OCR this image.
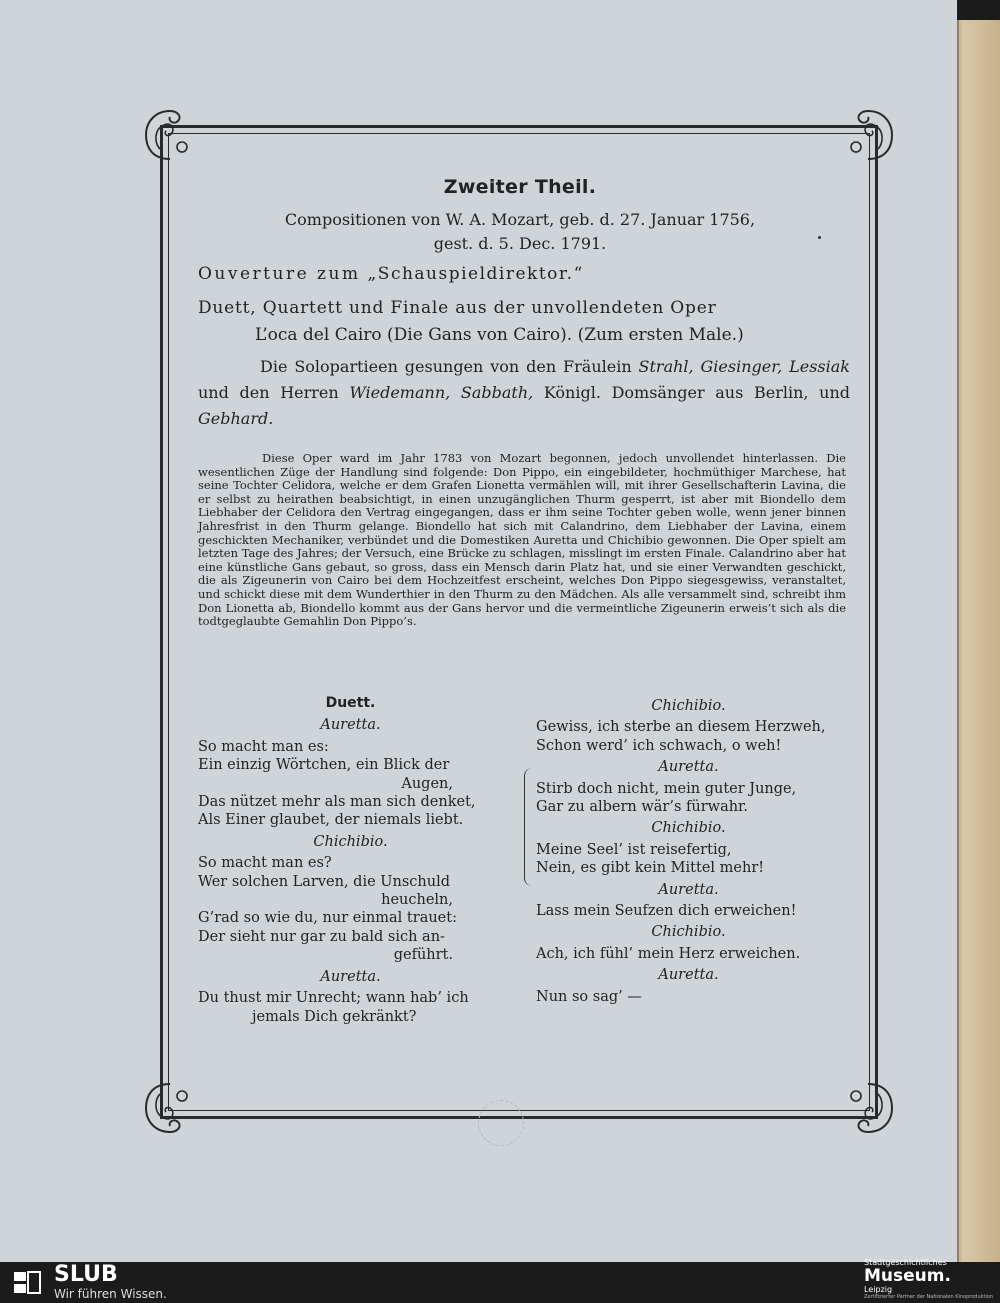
Zweiter Theil.
Compositionen von W. A. Mozart, geb. d. 27. Januar 1756,
gest. d. 5. Dec. 1791.
Ouverture zum „Schauspieldirektor.“
Duett, Quartett und Finale aus der unvollendeten Oper
L’oca del Cairo (Die Gans von Cairo). (Zum ersten Male.)
Die Solopartieen gesungen von den Fräulein Strahl, Giesinger, Lessiak und den Herren Wiedemann, Sabbath, Königl. Domsänger aus Berlin, und Gebhard.
Diese Oper ward im Jahr 1783 von Mozart begonnen, jedoch unvollendet hinterlassen. Die wesentlichen Züge der Handlung sind folgende: Don Pippo, ein eingebildeter, hochmüthiger Marchese, hat seine Tochter Celidora, welche er dem Grafen Lionetta vermählen will, mit ihrer Gesellschafterin Lavina, die er selbst zu heirathen beabsichtigt, in einen unzugänglichen Thurm gesperrt, ist aber mit Biondello dem Liebhaber der Celidora den Vertrag eingegangen, dass er ihm seine Tochter geben wolle, wenn jener binnen Jahresfrist in den Thurm gelange. Biondello hat sich mit Calandrino, dem Liebhaber der Lavina, einem geschickten Mechaniker, verbündet und die Domestiken Auretta und Chichibio gewonnen. Die Oper spielt am letzten Tage des Jahres; der Versuch, eine Brücke zu schlagen, misslingt im ersten Finale. Calandrino aber hat eine künstliche Gans gebaut, so gross, dass ein Mensch darin Platz hat, und sie einer Verwandten geschickt, die als Zigeunerin von Cairo bei dem Hochzeitfest erscheint, welches Don Pippo siegesgewiss, veranstaltet, und schickt diese mit dem Wunderthier in den Thurm zu den Mädchen. Als alle versammelt sind, schreibt ihm Don Lionetta ab, Biondello kommt aus der Gans hervor und die vermeintliche Zigeunerin erweis’t sich als die todtgeglaubte Gemahlin Don Pippo’s.
Duett.
Auretta.
So macht man es:
Ein einzig Wörtchen, ein Blick der
Augen,
Das nützet mehr als man sich denket,
Als Einer glaubet, der niemals liebt.
Chichibio.
So macht man es?
Wer solchen Larven, die Unschuld
heucheln,
G’rad so wie du, nur einmal trauet:
Der sieht nur gar zu bald sich an-
geführt.
Auretta.
Du thust mir Unrecht; wann hab’ ich
jemals Dich gekränkt?
Chichibio.
Gewiss, ich sterbe an diesem Herzweh,
Schon werd’ ich schwach, o weh!
Auretta.
Stirb doch nicht, mein guter Junge,
Gar zu albern wär’s fürwahr.
Chichibio.
Meine Seel’ ist reisefertig,
Nein, es gibt kein Mittel mehr!
Auretta.
Lass mein Seufzen dich erweichen!
Chichibio.
Ach, ich fühl’ mein Herz erweichen.
Auretta.
Nun so sag’ —
SLUB
Wir führen Wissen.
Stadtgeschichtliches
Museum.
Leipzig
Zertifizierter Partner der Nationalen Kinoproduktion
